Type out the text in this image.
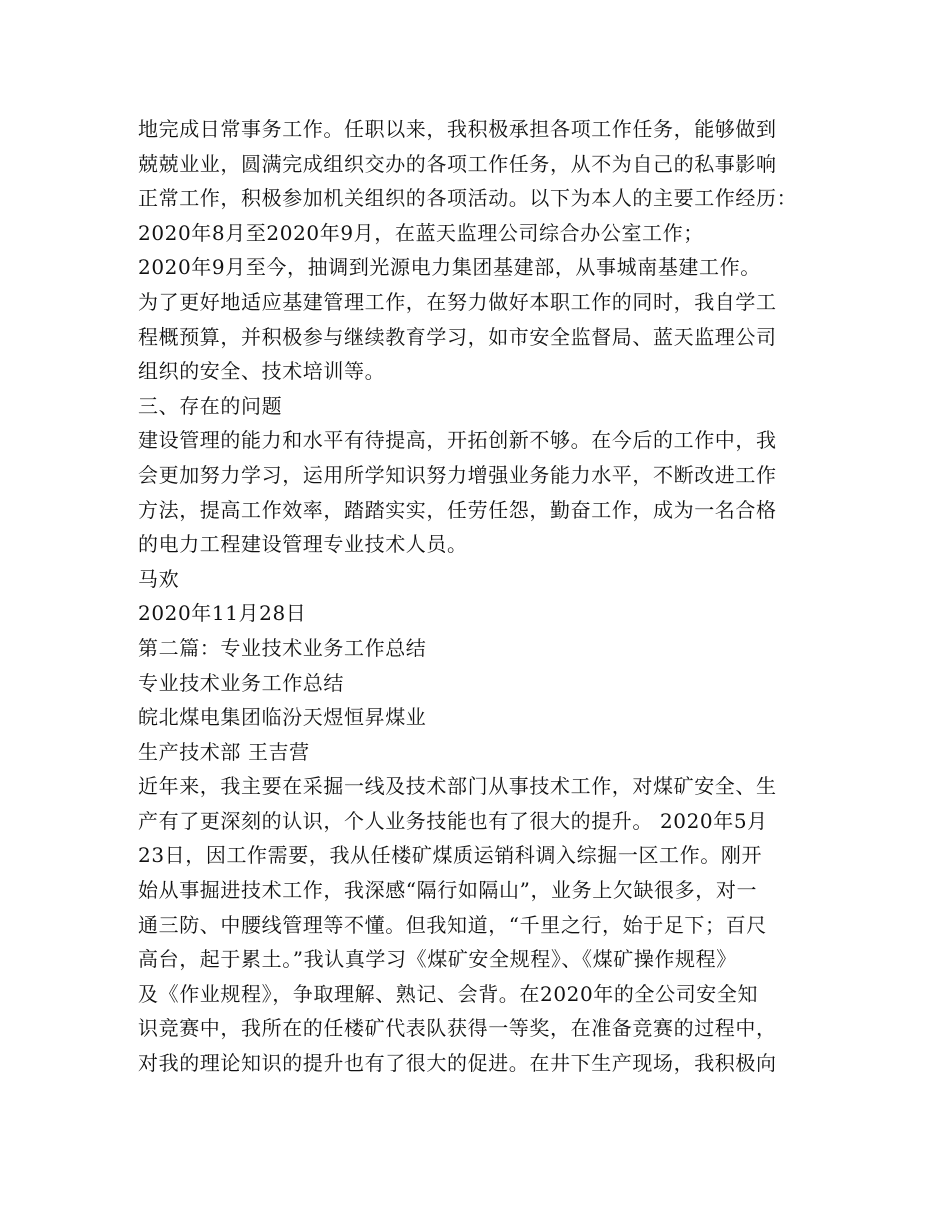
地完成日常事务工作。任职以来，我积极承担各项工作任务，能够做到
兢兢业业，圆满完成组织交办的各项工作任务，从不为自己的私事影响
正常工作，积极参加机关组织的各项活动。以下为本人的主要工作经历：
2020年8月至2020年9月，在蓝天监理公司综合办公室工作；
2020年9月至今，抽调到光源电力集团基建部，从事城南基建工作。
为了更好地适应基建管理工作，在努力做好本职工作的同时，我自学工
程概预算，并积极参与继续教育学习，如市安全监督局、蓝天监理公司
组织的安全、技术培训等。
三、存在的问题
建设管理的能力和水平有待提高，开拓创新不够。在今后的工作中，我
会更加努力学习，运用所学知识努力增强业务能力水平，不断改进工作
方法，提高工作效率，踏踏实实，任劳任怨，勤奋工作，成为一名合格
的电力工程建设管理专业技术人员。
马欢
2020年11月28日
第二篇：专业技术业务工作总结
专业技术业务工作总结
皖北煤电集团临汾天煜恒昇煤业
生产技术部 王吉营
近年来，我主要在采掘一线及技术部门从事技术工作，对煤矿安全、生
产有了更深刻的认识，个人业务技能也有了很大的提升。 2020年5月
23日，因工作需要，我从任楼矿煤质运销科调入综掘一区工作。刚开
始从事掘进技术工作，我深感“隔行如隔山”，业务上欠缺很多，对一
通三防、中腰线管理等不懂。但我知道，“千里之行，始于足下；百尺
高台，起于累土。”我认真学习《煤矿安全规程》、《煤矿操作规程》
及《作业规程》，争取理解、熟记、会背。在2020年的全公司安全知
识竞赛中，我所在的任楼矿代表队获得一等奖，在准备竞赛的过程中，
对我的理论知识的提升也有了很大的促进。在井下生产现场，我积极向
